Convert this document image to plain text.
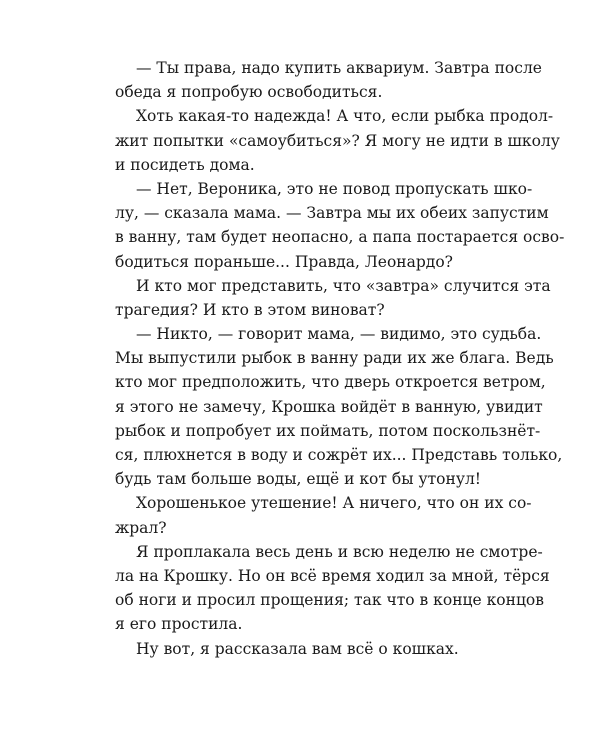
— Ты права, надо купить аквариум. Завтра после
обеда я попробую освободиться.
Хоть какая-то надежда! А что, если рыбка продол-
жит попытки «самоубиться»? Я могу не идти в школу
и посидеть дома.
— Нет, Вероника, это не повод пропускать шко-
лу, — сказала мама. — Завтра мы их обеих запустим
в ванну, там будет неопасно, а папа постарается осво-
бодиться пораньше... Правда, Леонардо?
И кто мог представить, что «завтра» случится эта
трагедия? И кто в этом виноват?
— Никто, — говорит мама, — видимо, это судьба.
Мы выпустили рыбок в ванну ради их же блага. Ведь
кто мог предположить, что дверь откроется ветром,
я этого не замечу, Крошка войдёт в ванную, увидит
рыбок и попробует их поймать, потом поскользнёт-
ся, плюхнется в воду и сожрёт их... Представь только,
будь там больше воды, ещё и кот бы утонул!
Хорошенькое утешение! А ничего, что он их со-
жрал?
Я проплакала весь день и всю неделю не смотре-
ла на Крошку. Но он всё время ходил за мной, тёрся
об ноги и просил прощения; так что в конце концов
я его простила.
Ну вот, я рассказала вам всё о кошках.
